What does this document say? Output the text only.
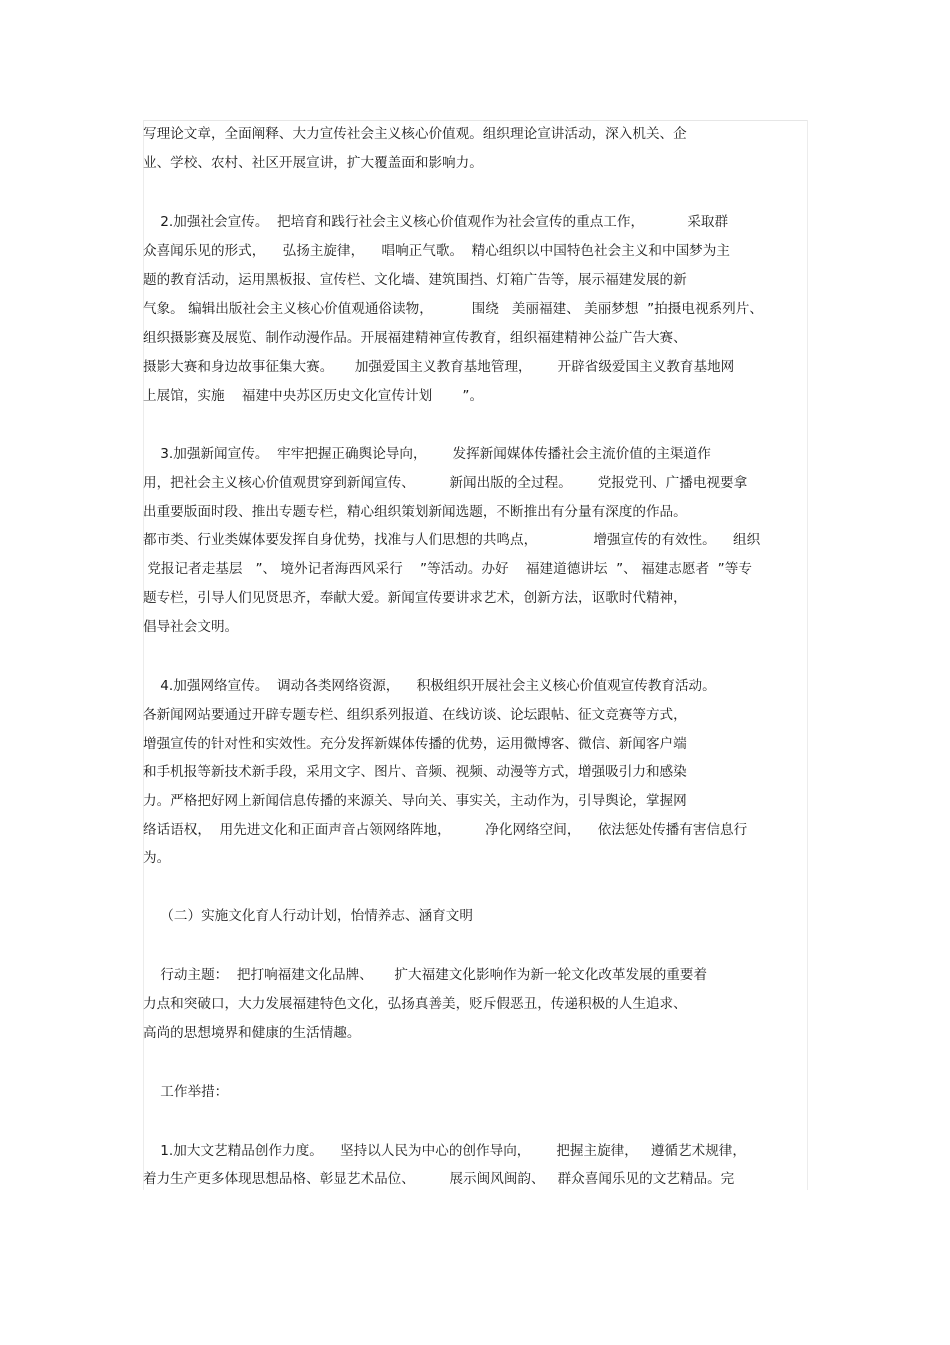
写理论文章，全面阐释、大力宣传社会主义核心价值观。组织理论宣讲活动，深入机关、企
业、学校、农村、社区开展宣讲，扩大覆盖面和影响力。
2.加强社会宣传。  把培育和践行社会主义核心价值观作为社会宣传的重点工作，          采取群
众喜闻乐见的形式，    弘扬主旋律，    唱响正气歌。  精心组织以中国特色社会主义和中国梦为主
题的教育活动，运用黑板报、宣传栏、文化墙、建筑围挡、灯箱广告等，展示福建发展的新
气象。 编辑出版社会主义核心价值观通俗读物，         围绕   美丽福建、 美丽梦想  ”拍摄电视系列片、
组织摄影赛及展览、制作动漫作品。开展福建精神宣传教育，组织福建精神公益广告大赛、
摄影大赛和身边故事征集大赛。     加强爱国主义教育基地管理，      开辟省级爱国主义教育基地网
上展馆，实施    福建中央苏区历史文化宣传计划       ”。
3.加强新闻宣传。  牢牢把握正确舆论导向，      发挥新闻媒体传播社会主流价值的主渠道作
用，把社会主义核心价值观贯穿到新闻宣传、        新闻出版的全过程。      党报党刊、广播电视要拿
出重要版面时段、推出专题专栏，精心组织策划新闻选题，不断推出有分量有深度的作品。
都市类、行业类媒体要发挥自身优势，找准与人们思想的共鸣点，             增强宣传的有效性。    组织
党报记者走基层   ”、 境外记者海西风采行    ”等活动。办好    福建道德讲坛  ”、 福建志愿者  ”等专
题专栏，引导人们见贤思齐，奉献大爱。新闻宣传要讲求艺术，创新方法，讴歌时代精神，
倡导社会文明。
4.加强网络宣传。  调动各类网络资源，    积极组织开展社会主义核心价值观宣传教育活动。
各新闻网站要通过开辟专题专栏、组织系列报道、在线访谈、论坛跟帖、征文竞赛等方式，
增强宣传的针对性和实效性。充分发挥新媒体传播的优势，运用微博客、微信、新闻客户端
和手机报等新技术新手段，采用文字、图片、音频、视频、动漫等方式，增强吸引力和感染
力。严格把好网上新闻信息传播的来源关、导向关、事实关，主动作为，引导舆论，掌握网
络话语权，  用先进文化和正面声音占领网络阵地，        净化网络空间，    依法惩处传播有害信息行
为。
（二）实施文化育人行动计划，怡情养志、涵育文明
行动主题：  把打响福建文化品牌、     扩大福建文化影响作为新一轮文化改革发展的重要着
力点和突破口，大力发展福建特色文化，弘扬真善美，贬斥假恶丑，传递积极的人生追求、
高尚的思想境界和健康的生活情趣。
工作举措：
1.加大文艺精品创作力度。    坚持以人民为中心的创作导向，      把握主旋律，   遵循艺术规律，
着力生产更多体现思想品格、彰显艺术品位、        展示闽风闽韵、   群众喜闻乐见的文艺精品。完
